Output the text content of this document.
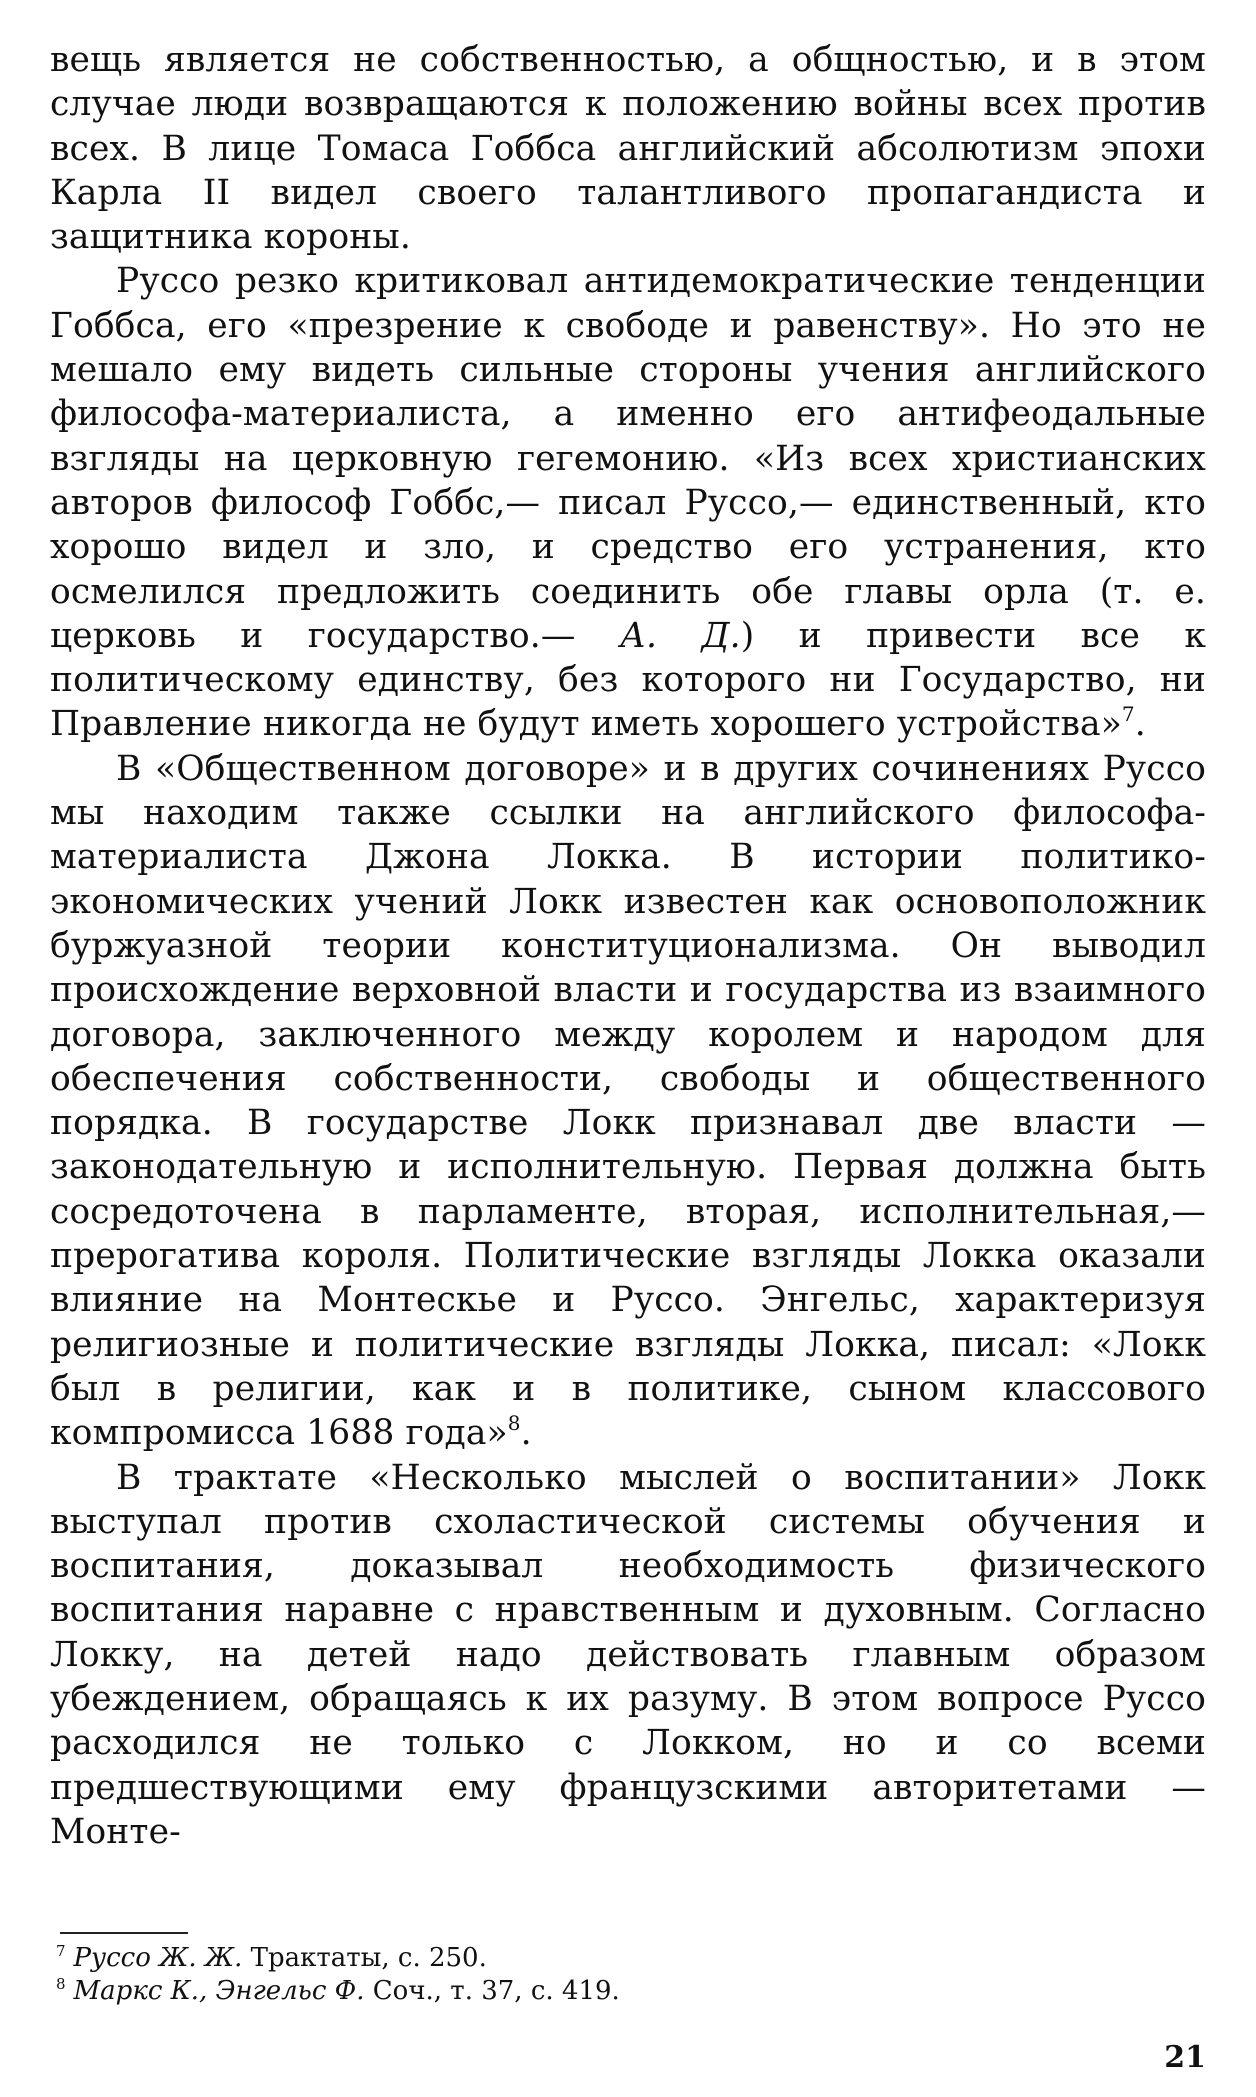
вещь является не собственностью, а общностью, и в этом случае люди возвращаются к положению войны всех против всех. В лице Томаса Гоббса английский абсолютизм эпохи Карла II видел своего талантливого пропагандиста и защитника короны.

Руссо резко критиковал антидемократические тенденции Гоббса, его «презрение к свободе и равенству». Но это не мешало ему видеть сильные стороны учения английского философа-материалиста, а именно его антифеодальные взгляды на церковную гегемонию. «Из всех христианских авторов философ Гоббс,— писал Руссо,— единственный, кто хорошо видел и зло, и средство его устранения, кто осмелился предложить соединить обе главы орла (т. е. церковь и государство.— А. Д.) и привести все к политическому единству, без которого ни Государство, ни Правление никогда не будут иметь хорошего устройства»$^7$.

В «Общественном договоре» и в других сочинениях Руссо мы находим также ссылки на английского философа-материалиста Джона Локка. В истории политико-экономических учений Локк известен как основоположник буржуазной теории конституционализма. Он выводил происхождение верховной власти и государства из взаимного договора, заключенного между королем и народом для обеспечения собственности, свободы и общественного порядка. В государстве Локк признавал две власти — законодательную и исполнительную. Первая должна быть сосредоточена в парламенте, вторая, исполнительная,— прерогатива короля. Политические взгляды Локка оказали влияние на Монтескье и Руссо. Энгельс, характеризуя религиозные и политические взгляды Локка, писал: «Локк был в религии, как и в политике, сыном классового компромисса 1688 года»$^8$.

В трактате «Несколько мыслей о воспитании» Локк выступал против схоластической системы обучения и воспитания, доказывал необходимость физического воспитания наравне с нравственным и духовным. Согласно Локку, на детей надо действовать главным образом убеждением, обращаясь к их разуму. В этом вопросе Руссо расходился не только с Локком, но и со всеми предшествующими ему французскими авторитетами — Монте-

$^7$ Руссо Ж. Ж. Трактаты, с. 250.

$^8$ Маркс К., Энгельс Ф. Соч., т. 37, с. 419.

21
